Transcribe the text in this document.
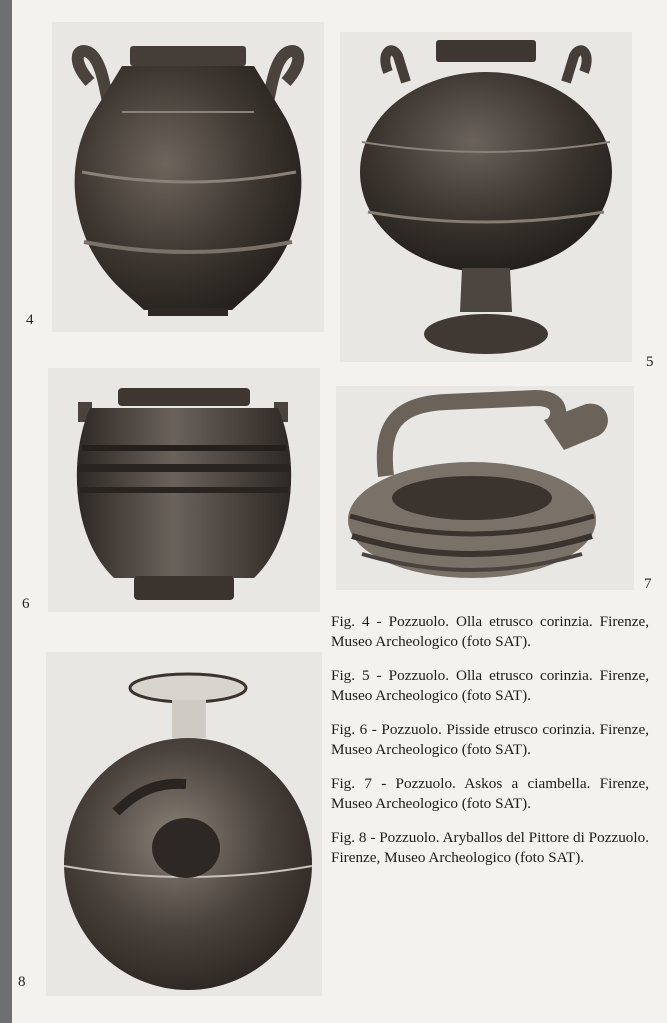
4
5
6
7
8

Fig. 4 - Pozzuolo. Olla etrusco corinzia. Firenze, Museo Archeologico (foto SAT).

Fig. 5 - Pozzuolo. Olla etrusco corinzia. Firenze, Museo Archeologico (foto SAT).

Fig. 6 - Pozzuolo. Pisside etrusco corinzia. Firenze, Museo Archeologico (foto SAT).

Fig. 7 - Pozzuolo. Askos a ciambella. Firenze, Museo Archeologico (foto SAT).

Fig. 8 - Pozzuolo. Aryballos del Pittore di Pozzuolo. Firenze, Museo Archeologico (foto SAT).
